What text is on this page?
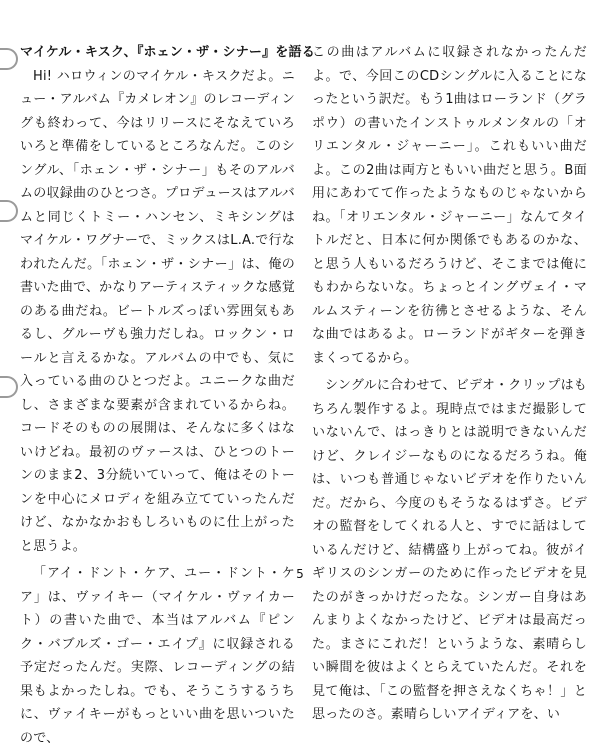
マイケル・キスク、『ホェン・ザ・シナー』を語る

Hi! ハロウィンのマイケル・キスクだよ。ニュー・アルバム『カメレオン』のレコーディングも終わって、今はリリースにそなえていろいろと準備をしているところなんだ。このシングル、「ホェン・ザ・シナー」もそのアルバムの収録曲のひとつさ。プロデュースはアルバムと同じくトミー・ハンセン、ミキシングはマイケル・ワグナーで、ミックスはL.A.で行なわれたんだ。「ホェン・ザ・シナー」は、俺の書いた曲で、かなりアーティスティックな感覚のある曲だね。ビートルズっぽい雰囲気もあるし、グルーヴも強力だしね。ロックン・ロールと言えるかな。アルバムの中でも、気に入っている曲のひとつだよ。ユニークな曲だし、さまざまな要素が含まれているからね。コードそのものの展開は、そんなに多くはないけどね。最初のヴァースは、ひとつのトーンのまま2、3分続いていって、俺はそのトーンを中心にメロディを組み立てていったんだけど、なかなかおもしろいものに仕上がったと思うよ。

「アイ・ドント・ケア、ユー・ドント・ケア」は、ヴァイキー（マイケル・ヴァイカート）の書いた曲で、本当はアルバム『ピンク・バブルズ・ゴー・エイプ』に収録される予定だったんだ。実際、レコーディングの結果もよかったしね。でも、そうこうするうちに、ヴァイキーがもっといい曲を思いついたので、

この曲はアルバムに収録されなかったんだよ。で、今回このCDシングルに入ることになったという訳だ。もう1曲はローランド（グラポウ）の書いたインストゥルメンタルの「オリエンタル・ジャーニー」。これもいい曲だよ。この2曲は両方ともいい曲だと思う。B面用にあわてて作ったようなものじゃないからね。「オリエンタル・ジャーニー」なんてタイトルだと、日本に何か関係でもあるのかな、と思う人もいるだろうけど、そこまでは俺にもわからないな。ちょっとイングヴェイ・マルムスティーンを彷彿とさせるような、そんな曲ではあるよ。ローランドがギターを弾きまくってるから。

シングルに合わせて、ビデオ・クリップはもちろん製作するよ。現時点ではまだ撮影していないんで、はっきりとは説明できないんだけど、クレイジーなものになるだろうね。俺は、いつも普通じゃないビデオを作りたいんだ。だから、今度のもそうなるはずさ。ビデオの監督をしてくれる人と、すでに話はしているんだけど、結構盛り上がってね。彼がイギリスのシンガーのために作ったビデオを見たのがきっかけだったな。シンガー自身はあんまりよくなかったけど、ビデオは最高だった。まさにこれだ！というような、素晴らしい瞬間を彼はよくとらえていたんだ。それを見て俺は、「この監督を押さえなくちゃ！」と思ったのさ。素晴らしいアイディアを、い

5
